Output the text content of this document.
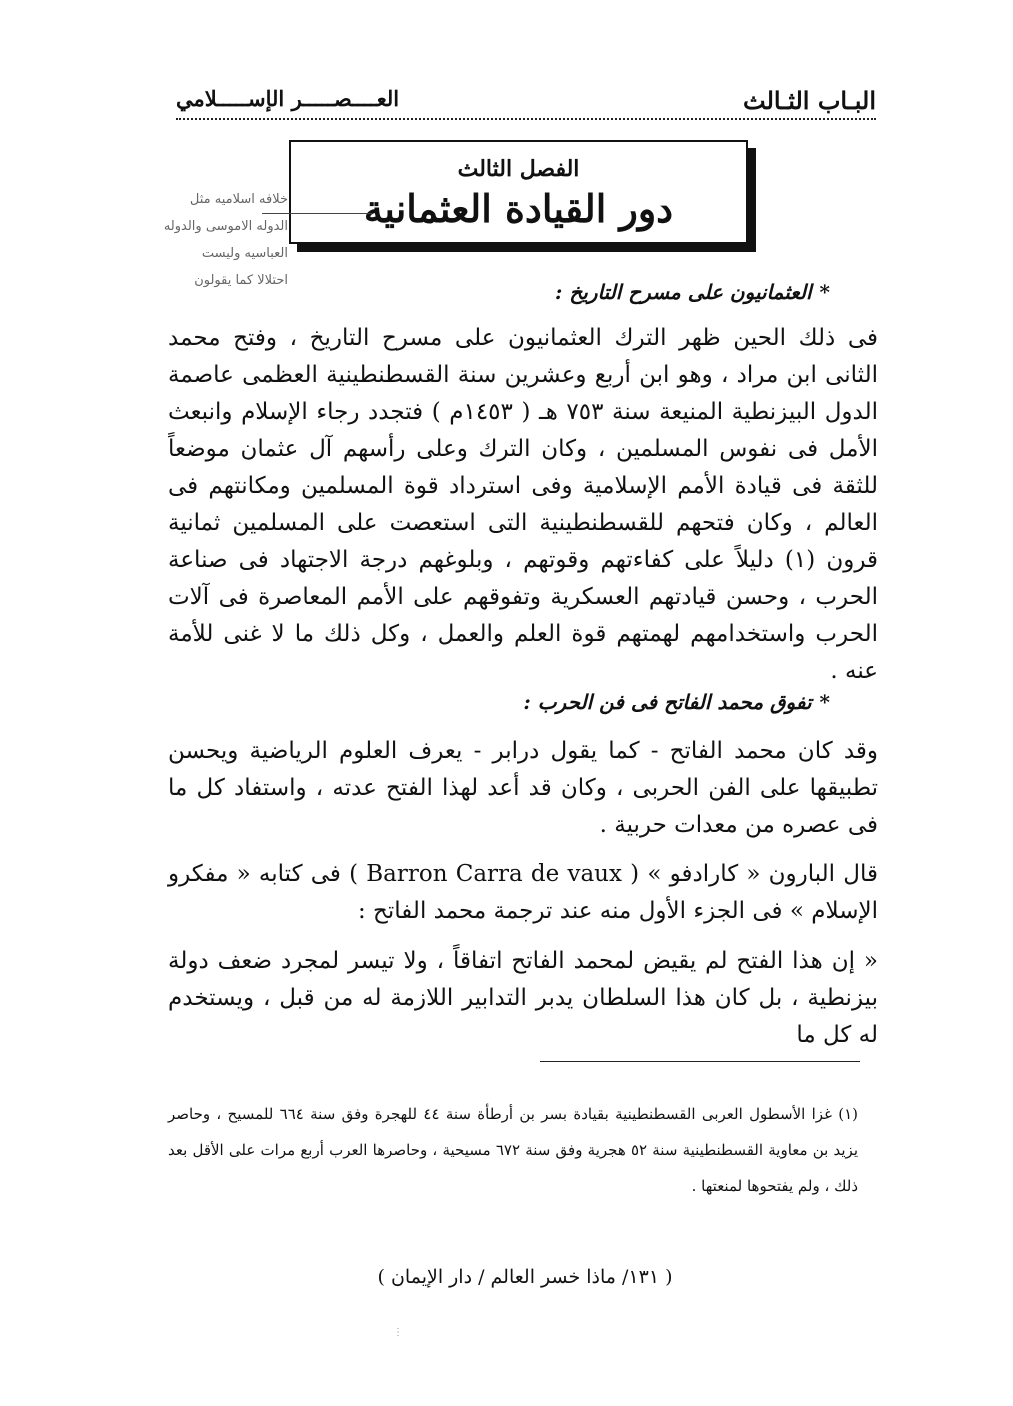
البـاب الثـالث
العــــصـــــر الإســـــلامي
الفصل الثالث
دور القيادة العثمانية
خلافه اسلاميه مثل
الدوله الاموسى والدوله
العباسيه وليست
احتلالا كما يقولون	*العثمانيون على مسرح التاريخ :

فى ذلك الحين ظهر الترك العثمانيون على مسرح التاريخ ، وفتح محمد الثانى ابن مراد ، وهو ابن أربع وعشرين سنة القسطنطينية العظمى عاصمة الدول البيزنطية المنيعة سنة ٧٥٣ هـ ( ١٤٥٣م ) فتجدد رجاء الإسلام وانبعث الأمل فى نفوس المسلمين ، وكان الترك وعلى رأسهم آل عثمان موضعاً للثقة فى قيادة الأمم الإسلامية وفى استرداد قوة المسلمين ومكانتهم فى العالم ، وكان فتحهم للقسطنطينية التى استعصت على المسلمين ثمانية قرون (١) دليلاً على كفاءتهم وقوتهم ، وبلوغهم درجة الاجتهاد فى صناعة الحرب ، وحسن قيادتهم العسكرية وتفوقهم على الأمم المعاصرة فى آلات الحرب واستخدامهم لهمتهم قوة العلم والعمل ، وكل ذلك ما لا غنى للأمة عنه .

*تفوق محمد الفاتح فى فن الحرب :

وقد كان محمد الفاتح - كما يقول درابر - يعرف العلوم الرياضية ويحسن تطبيقها على الفن الحربى ، وكان قد أعد لهذا الفتح عدته ، واستفاد كل ما فى عصره من معدات حربية .

قال البارون « كارادفو » ( Barron Carra de vaux ) فى كتابه « مفكرو الإسلام » فى الجزء الأول منه عند ترجمة محمد الفاتح :

« إن هذا الفتح لم يقيض لمحمد الفاتح اتفاقاً ، ولا تيسر لمجرد ضعف دولة بيزنطية ، بل كان هذا السلطان يدبر التدابير اللازمة له من قبل ، ويستخدم له كل ما

(١) غزا الأسطول العربى القسطنطينية بقيادة بسر بن أرطأة سنة ٤٤ للهجرة وفق سنة ٦٦٤ للمسيح ، وحاصر يزيد بن معاوية القسطنطينية سنة ٥٢ هجرية وفق سنة ٦٧٢ مسيحية ، وحاصرها العرب أربع مرات على الأقل بعد ذلك ، ولم يفتحوها لمنعتها .

( ١٣١/ ماذا خسر العالم / دار الإيمان )
⋮
